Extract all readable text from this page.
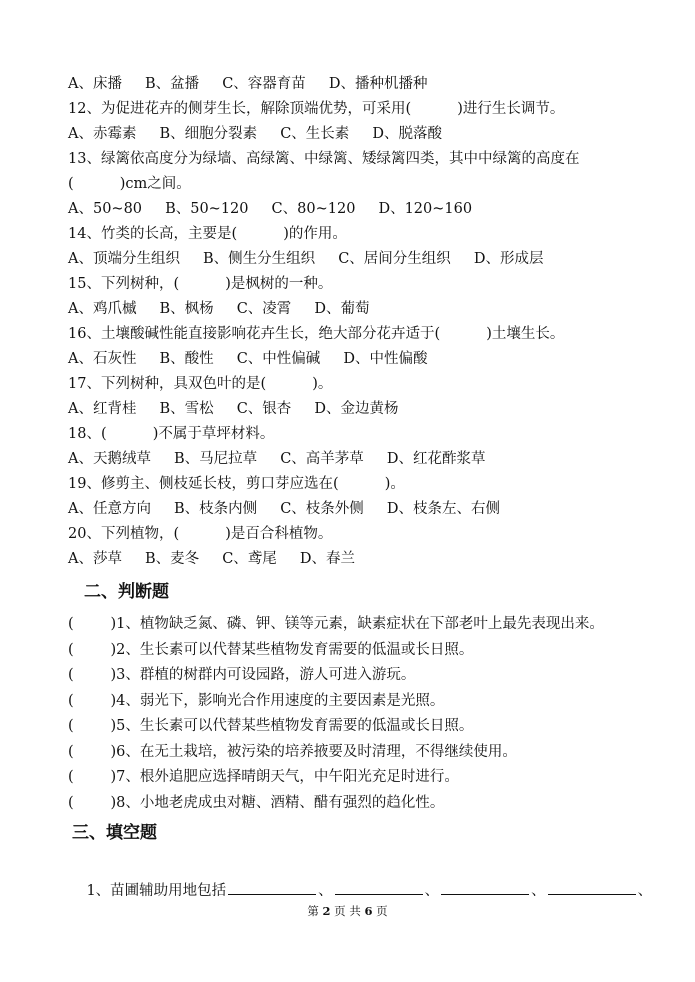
A、床播     B、盆播     C、容器育苗     D、播种机播种
12、为促进花卉的侧芽生长，解除顶端优势，可采用(          )进行生长调节。
A、赤霉素     B、细胞分裂素     C、生长素     D、脱落酸
13、绿篱依高度分为绿墙、高绿篱、中绿篱、矮绿篱四类，其中中绿篱的高度在
(          )cm之间。
A、50~80     B、50~120     C、80~120     D、120~160
14、竹类的长高，主要是(          )的作用。
A、顶端分生组织     B、侧生分生组织     C、居间分生组织     D、形成层
15、下列树种，(          )是枫树的一种。
A、鸡爪槭     B、枫杨     C、凌霄     D、葡萄
16、土壤酸碱性能直接影响花卉生长，绝大部分花卉适于(          )土壤生长。
A、石灰性     B、酸性     C、中性偏碱     D、中性偏酸
17、下列树种，具双色叶的是(          )。
A、红背桂     B、雪松     C、银杏     D、金边黄杨
18、(          )不属于草坪材料。
A、天鹅绒草     B、马尼拉草     C、高羊茅草     D、红花酢浆草
19、修剪主、侧枝延长枝，剪口芽应选在(          )。
A、任意方向     B、枝条内侧     C、枝条外侧     D、枝条左、右侧
20、下列植物，(          )是百合科植物。
A、莎草     B、麦冬     C、鸢尾     D、春兰
二、判断题
(        )1、植物缺乏氮、磷、钾、镁等元素，缺素症状在下部老叶上最先表现出来。
(        )2、生长素可以代替某些植物发育需要的低温或长日照。
(        )3、群植的树群内可设园路，游人可进入游玩。
(        )4、弱光下，影响光合作用速度的主要因素是光照。
(        )5、生长素可以代替某些植物发育需要的低温或长日照。
(        )6、在无土栽培，被污染的培养掖要及时清理，不得继续使用。
(        )7、根外追肥应选择晴朗天气，中午阳光充足时进行。
(        )8、小地老虎成虫对糖、酒精、醋有强烈的趋化性。
三、填空题

1、苗圃辅助用地包括	、	、	、	、

第 2 页 共 6 页
